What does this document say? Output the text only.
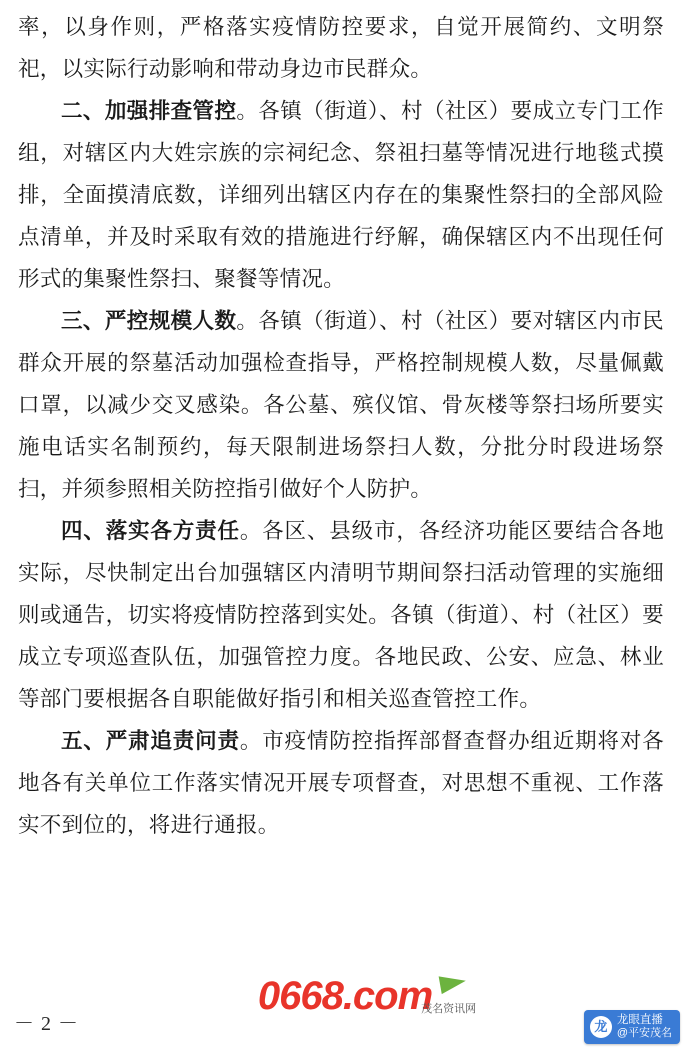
率，以身作则，严格落实疫情防控要求，自觉开展简约、文明祭祀，以实际行动影响和带动身边市民群众。

二、加强排查管控。各镇（街道）、村（社区）要成立专门工作组，对辖区内大姓宗族的宗祠纪念、祭祖扫墓等情况进行地毯式摸排，全面摸清底数，详细列出辖区内存在的集聚性祭扫的全部风险点清单，并及时采取有效的措施进行纾解，确保辖区内不出现任何形式的集聚性祭扫、聚餐等情况。

三、严控规模人数。各镇（街道）、村（社区）要对辖区内市民群众开展的祭墓活动加强检查指导，严格控制规模人数，尽量佩戴口罩，以减少交叉感染。各公墓、殡仪馆、骨灰楼等祭扫场所要实施电话实名制预约，每天限制进场祭扫人数，分批分时段进场祭扫，并须参照相关防控指引做好个人防护。

四、落实各方责任。各区、县级市，各经济功能区要结合各地实际，尽快制定出台加强辖区内清明节期间祭扫活动管理的实施细则或通告，切实将疫情防控落到实处。各镇（街道）、村（社区）要成立专项巡查队伍，加强管控力度。各地民政、公安、应急、林业等部门要根据各自职能做好指引和相关巡查管控工作。

五、严肃追责问责。市疫情防控指挥部督查督办组近期将对各地各有关单位工作落实情况开展专项督查，对思想不重视、工作落实不到位的，将进行通报。

－ 2 －
0668.com
茂名资讯网
龙 龙眼直播
@平安茂名
